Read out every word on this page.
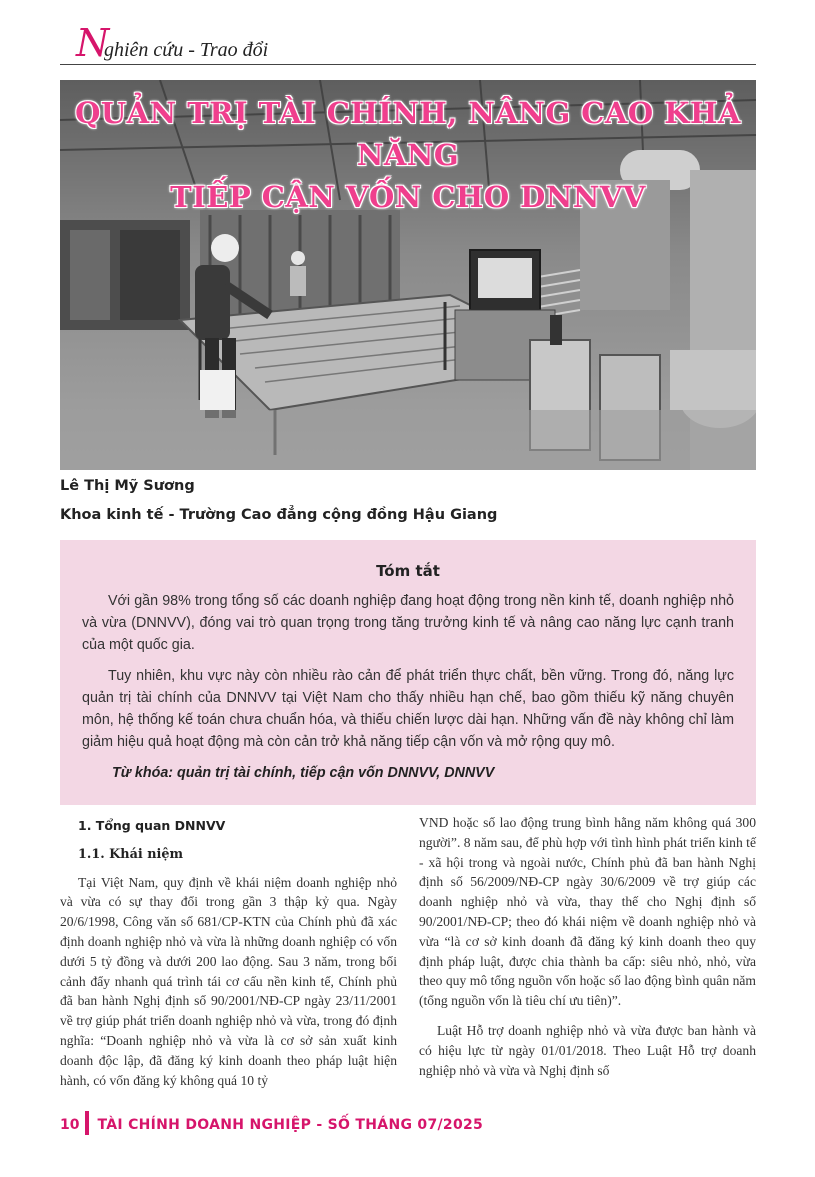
N
ghiên cứu - Trao đổi
QUẢN TRỊ TÀI CHÍNH, NÂNG CAO KHẢ NĂNG
TIẾP CẬN VỐN CHO DNNVV
Lê Thị Mỹ Sương
Khoa kinh tế - Trường Cao đẳng cộng đồng Hậu Giang
Tóm tắt

Với gần 98% trong tổng số các doanh nghiệp đang hoạt động trong nền kinh tế, doanh nghiệp nhỏ và vừa (DNNVV), đóng vai trò quan trọng trong tăng trưởng kinh tế và nâng cao năng lực cạnh tranh của một quốc gia.

Tuy nhiên, khu vực này còn nhiều rào cản để phát triển thực chất, bền vững. Trong đó, năng lực quản trị tài chính của DNNVV tại Việt Nam cho thấy nhiều hạn chế, bao gồm thiếu kỹ năng chuyên môn, hệ thống kế toán chưa chuẩn hóa, và thiếu chiến lược dài hạn. Những vấn đề này không chỉ làm giảm hiệu quả hoạt động mà còn cản trở khả năng tiếp cận vốn và mở rộng quy mô.

Từ khóa: quản trị tài chính, tiếp cận vốn DNNVV, DNNVV

1. Tổng quan DNNVV

1.1. Khái niệm

Tại Việt Nam, quy định về khái niệm doanh nghiệp nhỏ và vừa có sự thay đổi trong gần 3 thập kỷ qua. Ngày 20/6/1998, Công văn số 681/CP-KTN của Chính phủ đã xác định doanh nghiệp nhỏ và vừa là những doanh nghiệp có vốn dưới 5 tỷ đồng và dưới 200 lao động. Sau 3 năm, trong bối cảnh đẩy nhanh quá trình tái cơ cấu nền kinh tế, Chính phủ đã ban hành Nghị định số 90/2001/NĐ-CP ngày 23/11/2001 về trợ giúp phát triển doanh nghiệp nhỏ và vừa, trong đó định nghĩa: “Doanh nghiệp nhỏ và vừa là cơ sở sản xuất kinh doanh độc lập, đã đăng ký kinh doanh theo pháp luật hiện hành, có vốn đăng ký không quá 10 tỷ

VND hoặc số lao động trung bình hằng năm không quá 300 người”. 8 năm sau, để phù hợp với tình hình phát triển kinh tế - xã hội trong và ngoài nước, Chính phủ đã ban hành Nghị định số 56/2009/NĐ-CP ngày 30/6/2009 về trợ giúp các doanh nghiệp nhỏ và vừa, thay thế cho Nghị định số 90/2001/NĐ-CP; theo đó khái niệm về doanh nghiệp nhỏ và vừa “là cơ sở kinh doanh đã đăng ký kinh doanh theo quy định pháp luật, được chia thành ba cấp: siêu nhỏ, nhỏ, vừa theo quy mô tổng nguồn vốn hoặc số lao động bình quân năm (tổng nguồn vốn là tiêu chí ưu tiên)”.

Luật Hỗ trợ doanh nghiệp nhỏ và vừa được ban hành và có hiệu lực từ ngày 01/01/2018. Theo Luật Hỗ trợ doanh nghiệp nhỏ và vừa và Nghị định số

10 TÀI CHÍNH DOANH NGHIỆP - SỐ THÁNG 07/2025
